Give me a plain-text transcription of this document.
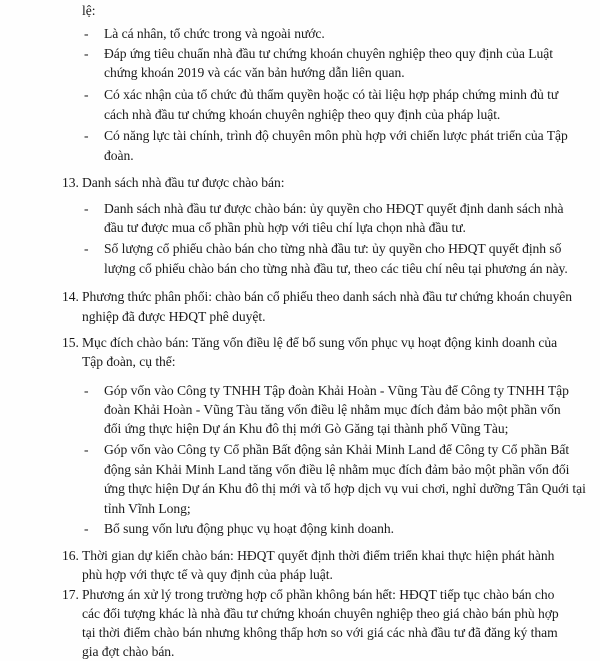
lệ:
- Là cá nhân, tổ chức trong và ngoài nước.
- Đáp ứng tiêu chuẩn nhà đầu tư chứng khoán chuyên nghiệp theo quy định của Luật
chứng khoán 2019 và các văn bản hướng dẫn liên quan.
- Có xác nhận của tổ chức đủ thẩm quyền hoặc có tài liệu hợp pháp chứng minh đủ tư
cách nhà đầu tư chứng khoán chuyên nghiệp theo quy định của pháp luật.
- Có năng lực tài chính, trình độ chuyên môn phù hợp với chiến lược phát triển của Tập
đoàn.
13. Danh sách nhà đầu tư được chào bán:
- Danh sách nhà đầu tư được chào bán: ủy quyền cho HĐQT quyết định danh sách nhà
đầu tư được mua cổ phần phù hợp với tiêu chí lựa chọn nhà đầu tư.
- Số lượng cổ phiếu chào bán cho từng nhà đầu tư: ủy quyền cho HĐQT quyết định số
lượng cổ phiếu chào bán cho từng nhà đầu tư, theo các tiêu chí nêu tại phương án này.
14. Phương thức phân phối: chào bán cổ phiếu theo danh sách nhà đầu tư chứng khoán chuyên
nghiệp đã được HĐQT phê duyệt.
15. Mục đích chào bán: Tăng vốn điều lệ để bổ sung vốn phục vụ hoạt động kinh doanh của
Tập đoàn, cụ thể:
- Góp vốn vào Công ty TNHH Tập đoàn Khải Hoàn - Vũng Tàu để Công ty TNHH Tập
đoàn Khải Hoàn - Vũng Tàu tăng vốn điều lệ nhằm mục đích đảm bảo một phần vốn
đối ứng thực hiện Dự án Khu đô thị mới Gò Găng tại thành phố Vũng Tàu;
- Góp vốn vào Công ty Cổ phần Bất động sản Khải Minh Land để Công ty Cổ phần Bất
động sản Khải Minh Land tăng vốn điều lệ nhằm mục đích đảm bảo một phần vốn đối
ứng thực hiện Dự án Khu đô thị mới và tổ hợp dịch vụ vui chơi, nghỉ dưỡng Tân Quới tại
tỉnh Vĩnh Long;
- Bổ sung vốn lưu động phục vụ hoạt động kinh doanh.
16. Thời gian dự kiến chào bán: HĐQT quyết định thời điểm triển khai thực hiện phát hành
phù hợp với thực tế và quy định của pháp luật.
17. Phương án xử lý trong trường hợp cổ phần không bán hết: HĐQT tiếp tục chào bán cho
các đối tượng khác là nhà đầu tư chứng khoán chuyên nghiệp theo giá chào bán phù hợp
tại thời điểm chào bán nhưng không thấp hơn so với giá các nhà đầu tư đã đăng ký tham
gia đợt chào bán.
